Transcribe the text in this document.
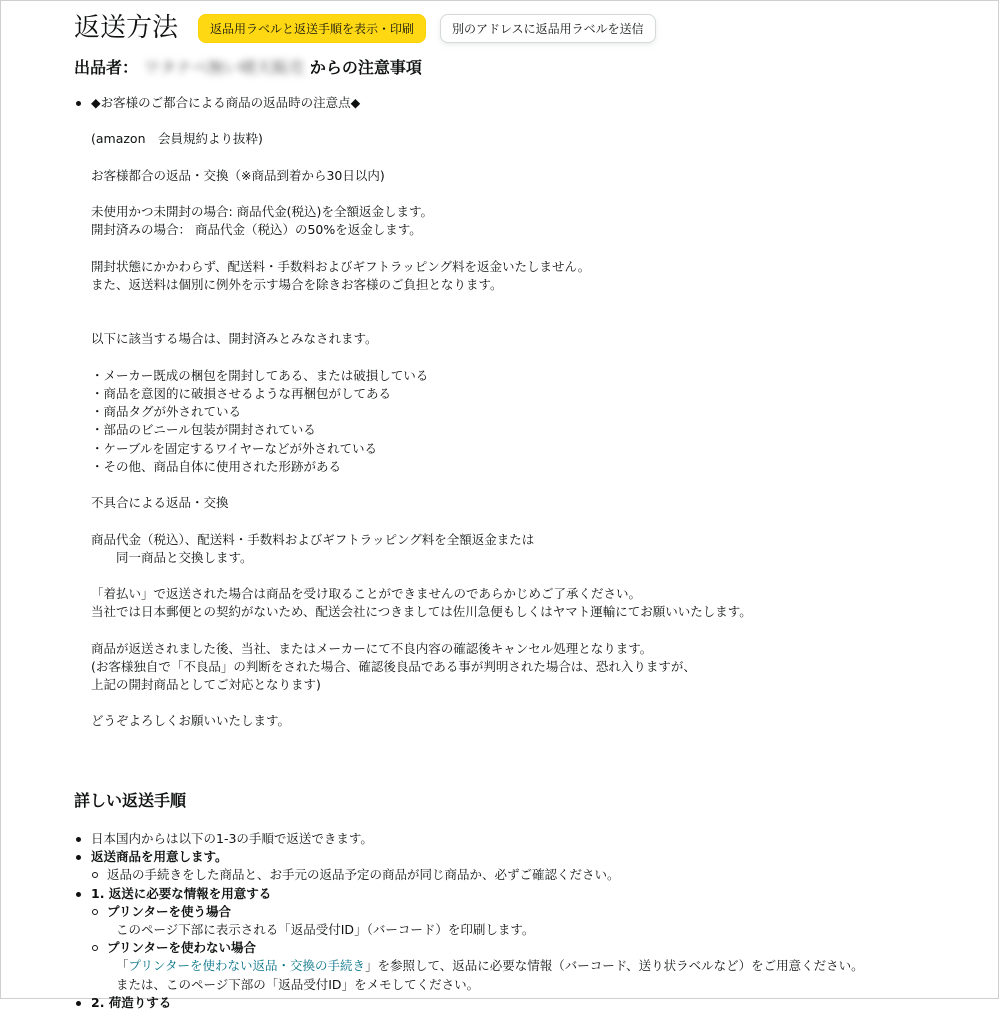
返送方法	返品用ラベルと返送手順を表示・印刷	別のアドレスに返品用ラベルを送信
出品者： ワタナベ無い晴天販売 からの注意事項
◆お客様のご都合による商品の返品時の注意点◆
(amazon　会員規約より抜粋)
お客様都合の返品・交換（※商品到着から30日以内)
未使用かつ未開封の場合: 商品代金(税込)を全額返金します。
開封済みの場合： 商品代金（税込）の50%を返金します。
開封状態にかかわらず、配送料・手数料およびギフトラッピング料を返金いたしません。
また、返送料は個別に例外を示す場合を除きお客様のご負担となります。
以下に該当する場合は、開封済みとみなされます。
・メーカー既成の梱包を開封してある、または破損している
・商品を意図的に破損させるような再梱包がしてある
・商品タグが外されている
・部品のビニール包装が開封されている
・ケーブルを固定するワイヤーなどが外されている
・その他、商品自体に使用された形跡がある
不具合による返品・交換
商品代金（税込）、配送料・手数料およびギフトラッピング料を全額返金または
　　同一商品と交換します。
「着払い」で返送された場合は商品を受け取ることができませんのであらかじめご了承ください。
当社では日本郵便との契約がないため、配送会社につきましては佐川急便もしくはヤマト運輸にてお願いいたします。
商品が返送されました後、当社、またはメーカーにて不良内容の確認後キャンセル処理となります。
(お客様独自で「不良品」の判断をされた場合、確認後良品である事が判明された場合は、恐れ入りますが、
上記の開封商品としてご対応となります)
どうぞよろしくお願いいたします。
詳しい返送手順
日本国内からは以下の1-3の手順で返送できます。
返送商品を用意します。
返品の手続きをした商品と、お手元の返品予定の商品が同じ商品か、必ずご確認ください。
1. 返送に必要な情報を用意する
プリンターを使う場合
このページ下部に表示される「返品受付ID」（バーコード）を印刷します。
プリンターを使わない場合
「プリンターを使わない返品・交換の手続き」を参照して、返品に必要な情報（バーコード、送り状ラベルなど）をご用意ください。
または、このページ下部の「返品受付ID」をメモしてください。
2. 荷造りする
